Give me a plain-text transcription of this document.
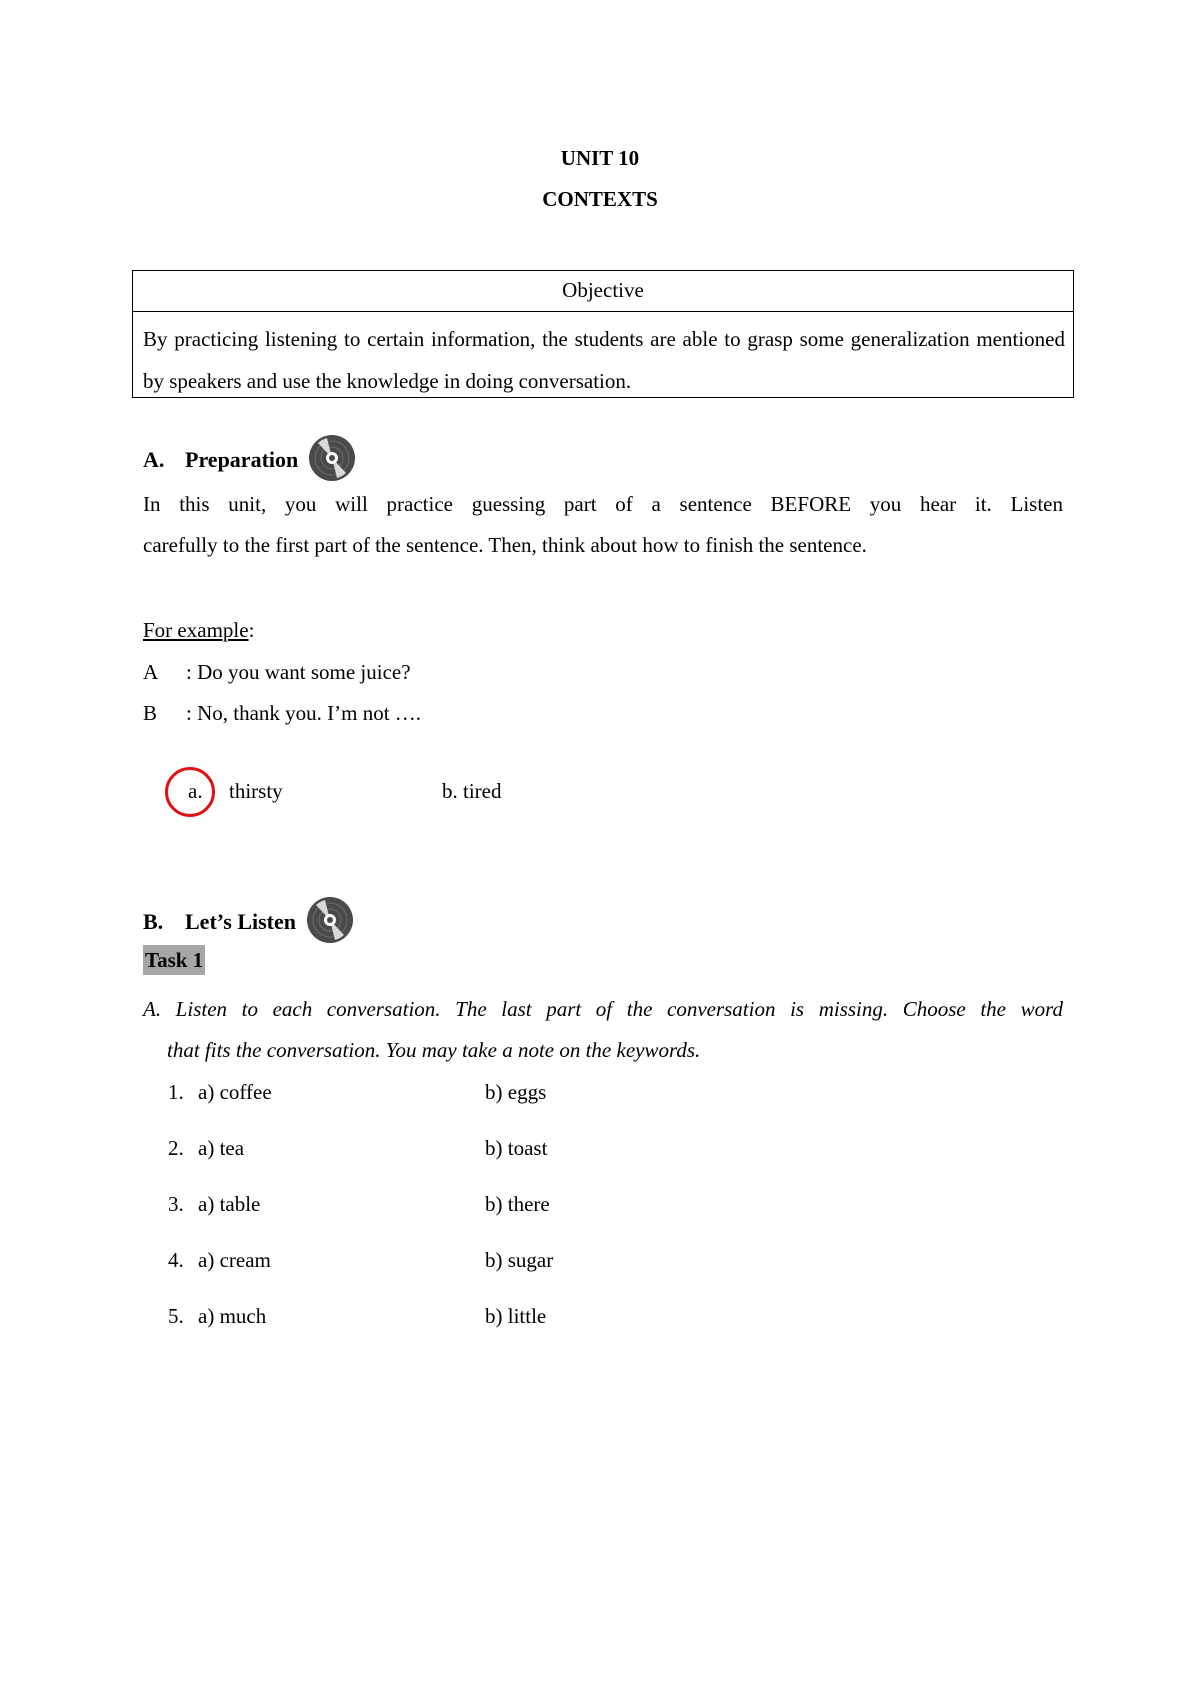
UNIT 10
CONTEXTS
Objective
By practicing listening to certain information, the students are able to grasp some generalization mentioned by speakers and use the knowledge in doing conversation.
A. Preparation
In this unit, you will practice guessing part of a sentence BEFORE you hear it. Listen
carefully to the first part of the sentence. Then, think about how to finish the sentence.
For example:
A : Do you want some juice?
B : No, thank you. I’m not ….
a. thirsty	b. tired
B. Let’s Listen
Task 1
A. Listen to each conversation. The last part of the conversation is missing. Choose the word
that fits the conversation. You may take a note on the keywords.
1. a) coffee	b) eggs
2. a) tea	b) toast
3. a) table	b) there
4. a) cream	b) sugar
5. a) much	b) little
